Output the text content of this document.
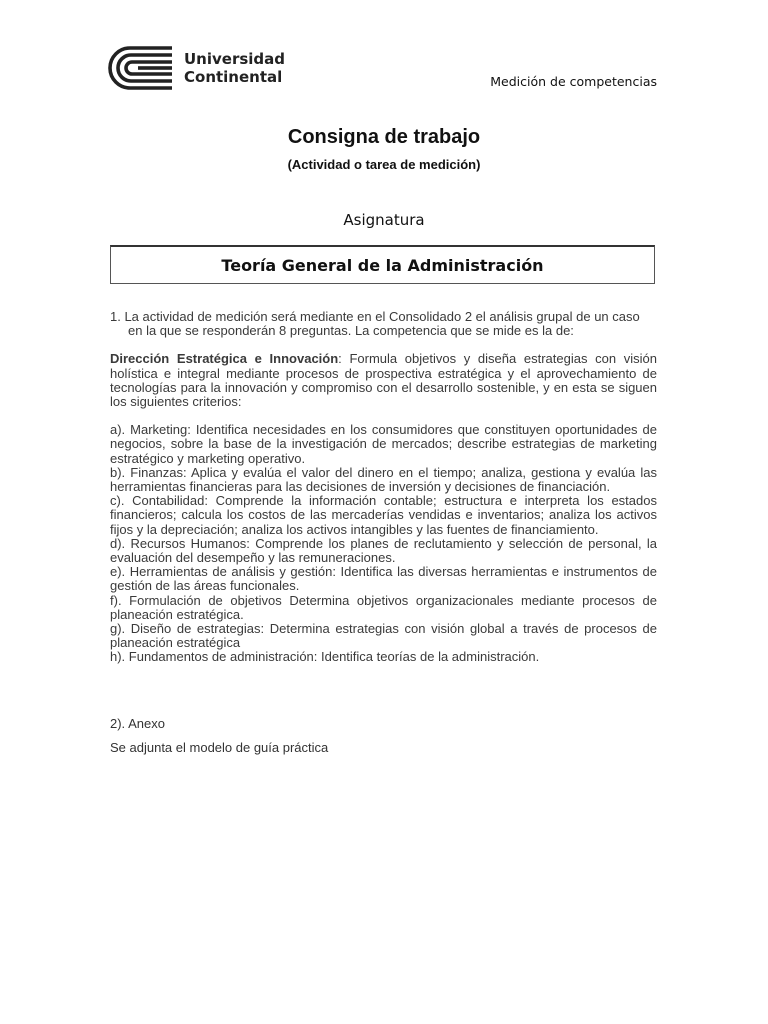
Universidad
Continental	Medición de competencias
Consigna de trabajo
(Actividad o tarea de medición)
Asignatura
Teoría General de la Administración

1. La actividad de medición será mediante en el Consolidado 2 el análisis grupal de un caso en la que se responderán 8 preguntas. La competencia que se mide es la de:

Dirección Estratégica e Innovación: Formula objetivos y diseña estrategias con visión holística e integral mediante procesos de prospectiva estratégica y el aprovechamiento de tecnologías para la innovación y compromiso con el desarrollo sostenible, y en esta se siguen los siguientes criterios:

a). Marketing: Identifica necesidades en los consumidores que constituyen oportunidades de negocios, sobre la base de la investigación de mercados; describe estrategias de marketing estratégico y marketing operativo.

b). Finanzas: Aplica y evalúa el valor del dinero en el tiempo; analiza, gestiona y evalúa las herramientas financieras para las decisiones de inversión y decisiones de financiación.

c). Contabilidad: Comprende la información contable; estructura e interpreta los estados financieros; calcula los costos de las mercaderías vendidas e inventarios; analiza los activos fijos y la depreciación; analiza los activos intangibles y las fuentes de financiamiento.

d). Recursos Humanos: Comprende los planes de reclutamiento y selección de personal, la evaluación del desempeño y las remuneraciones.

e). Herramientas de análisis y gestión: Identifica las diversas herramientas e instrumentos de gestión de las áreas funcionales.

f). Formulación de objetivos Determina objetivos organizacionales mediante procesos de planeación estratégica.

g). Diseño de estrategias: Determina estrategias con visión global a través de procesos de planeación estratégica

h). Fundamentos de administración: Identifica teorías de la administración.

2). Anexo
Se adjunta el modelo de guía práctica
